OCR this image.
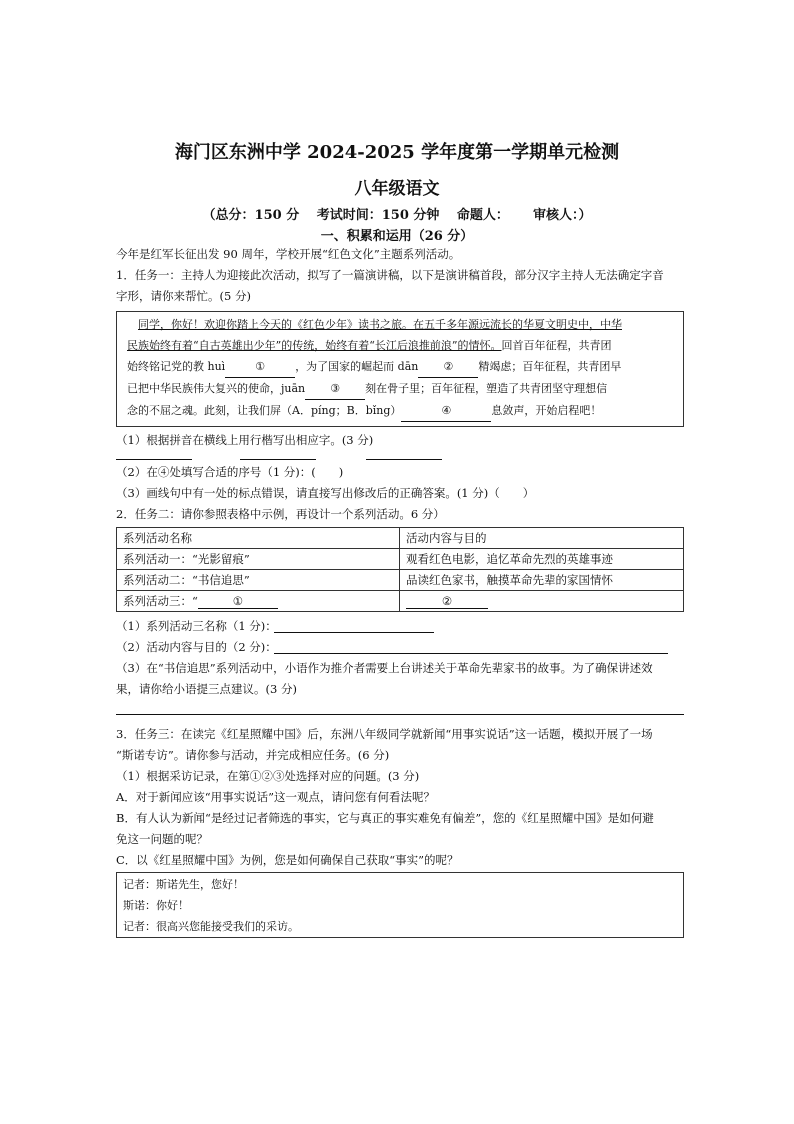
海门区东洲中学 2024-2025 学年度第一学期单元检测
八年级语文
（总分：150 分　 考试时间：150 分钟　 命题人：　　 审核人：）
一、积累和运用（26 分）
今年是红军长征出发 90 周年，学校开展“红色文化”主题系列活动。
1．任务一：主持人为迎接此次活动，拟写了一篇演讲稿，以下是演讲稿首段，部分汉字主持人无法确定字音
字形，请你来帮忙。(5 分)
 同学，你好！欢迎你踏上今天的《红色少年》读书之旅。在五千多年源远流长的华夏文明史中，中华
民族始终有着“自古英雄出少年”的传统，始终有着“长江后浪推前浪”的情怀。回首百年征程，共青团
始终铭记党的教 huì	①	，为了国家的崛起而 dān ② 精竭虑；百年征程，共青团早
已把中华民族伟大复兴的使命，juān ③ 刻在骨子里；百年征程，塑造了共青团坚守理想信
念的不屈之魂。此刻，让我们屏（A．píng；B．bǐng）	④	息敛声，开始启程吧！
（1）根据拼音在横线上用行楷写出相应字。(3 分)
（2）在④处填写合适的序号（1 分)：(　　)
（3）画线句中有一处的标点错误，请直接写出修改后的正确答案。(1 分)（　　）
2．任务二：请你参照表格中示例，再设计一个系列活动。6 分）
系列活动名称	活动内容与目的
系列活动一：“光影留痕”	观看红色电影，追忆革命先烈的英雄事迹
系列活动二：“书信追思”	品读红色家书，触摸革命先辈的家国情怀
系列活动三：“ ①	②
（1）系列活动三名称（1 分)：
（2）活动内容与目的（2 分)：
（3）在“书信追思”系列活动中，小语作为推介者需要上台讲述关于革命先辈家书的故事。为了确保讲述效
果，请你给小语提三点建议。(3 分)
3．任务三：在读完《红星照耀中国》后，东洲八年级同学就新闻“用事实说话”这一话题，模拟开展了一场
“斯诺专访”。请你参与活动，并完成相应任务。(6 分)
（1）根据采访记录，在第①②③处选择对应的问题。(3 分)
A．对于新闻应该“用事实说话”这一观点，请问您有何看法呢？
B．有人认为新闻“是经过记者筛选的事实，它与真正的事实难免有偏差”，您的《红星照耀中国》是如何避
免这一问题的呢？
C．以《红星照耀中国》为例，您是如何确保自己获取“事实”的呢？
记者：斯诺先生，您好！
斯诺：你好！
记者：很高兴您能接受我们的采访。
